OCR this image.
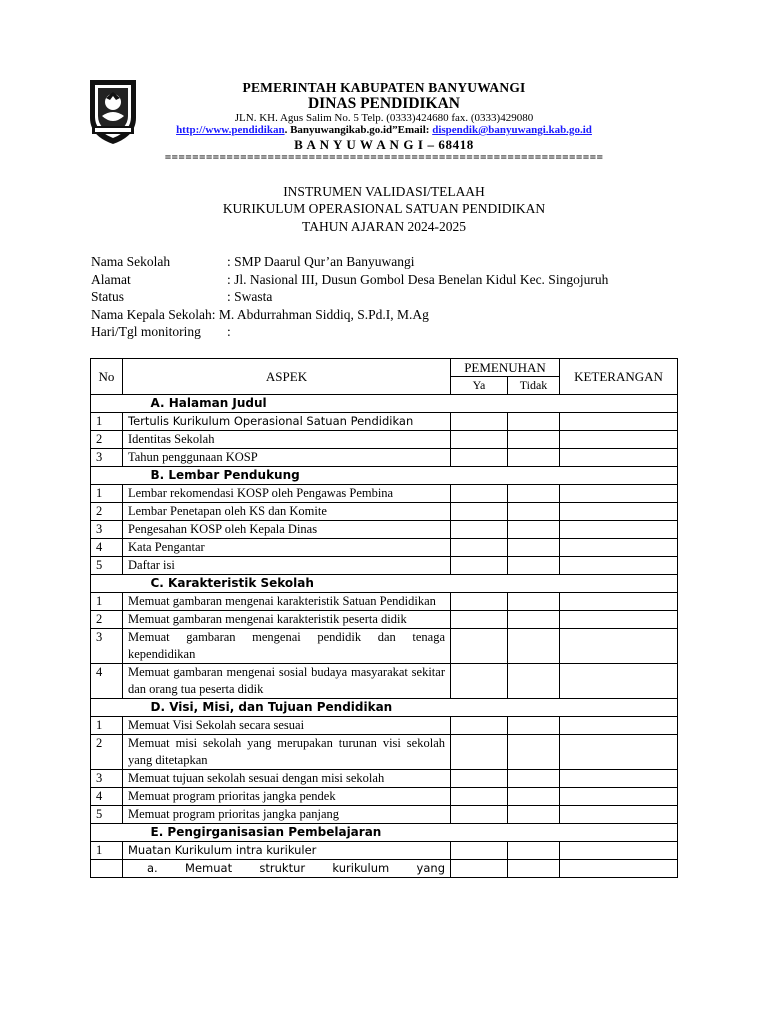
PEMERINTAH KABUPATEN BANYUWANGI
DINAS PENDIDIKAN
JLN. KH. Agus Salim No. 5 Telp. (0333)424680 fax. (0333)429080
http://www.pendidikan. Banyuwangikab.go.id”Email: dispendik@banyuwangi.kab.go.id
B A N Y U W A N G I – 68418
================================================================
INSTRUMEN VALIDASI/TELAAH
KURIKULUM OPERASIONAL SATUAN PENDIDIKAN
TAHUN AJARAN 2024-2025
Nama Sekolah	: SMP Daarul Qur’an Banyuwangi
Alamat	: Jl. Nasional III, Dusun Gombol Desa Benelan Kidul Kec. Singojuruh
Status	: Swasta
Nama Kepala Sekolah : M. Abdurrahman Siddiq, S.Pd.I, M.Ag
Hari/Tgl monitoring	:
No	ASPEK	PEMENUHAN		KETERANGAN
		Ya	Tidak	
	A. Halaman Judul			
1	Tertulis Kurikulum Operasional Satuan Pendidikan			
2	Identitas Sekolah			
3	Tahun penggunaan KOSP			
	B. Lembar Pendukung			
1	Lembar rekomendasi KOSP oleh Pengawas Pembina			
2	Lembar Penetapan oleh KS dan Komite			
3	Pengesahan KOSP oleh Kepala Dinas			
4	Kata Pengantar			
5	Daftar isi			
	C. Karakteristik Sekolah			
1	Memuat gambaran mengenai karakteristik Satuan Pendidikan			
2	Memuat gambaran mengenai karakteristik peserta didik			
3	Memuat gambaran mengenai pendidik dan tenaga kependidikan			
4	Memuat gambaran mengenai sosial budaya masyarakat sekitar dan orang tua peserta didik			
	D. Visi, Misi, dan Tujuan Pendidikan			
1	Memuat Visi Sekolah secara sesuai			
2	Memuat misi sekolah yang merupakan turunan visi sekolah yang ditetapkan			
3	Memuat tujuan sekolah sesuai dengan misi sekolah			
4	Memuat program prioritas jangka pendek			
5	Memuat program prioritas jangka panjang			
	E. Pengirganisasian Pembelajaran			
1	Muatan Kurikulum intra kurikuler			
	a. Memuat struktur kurikulum yang			
